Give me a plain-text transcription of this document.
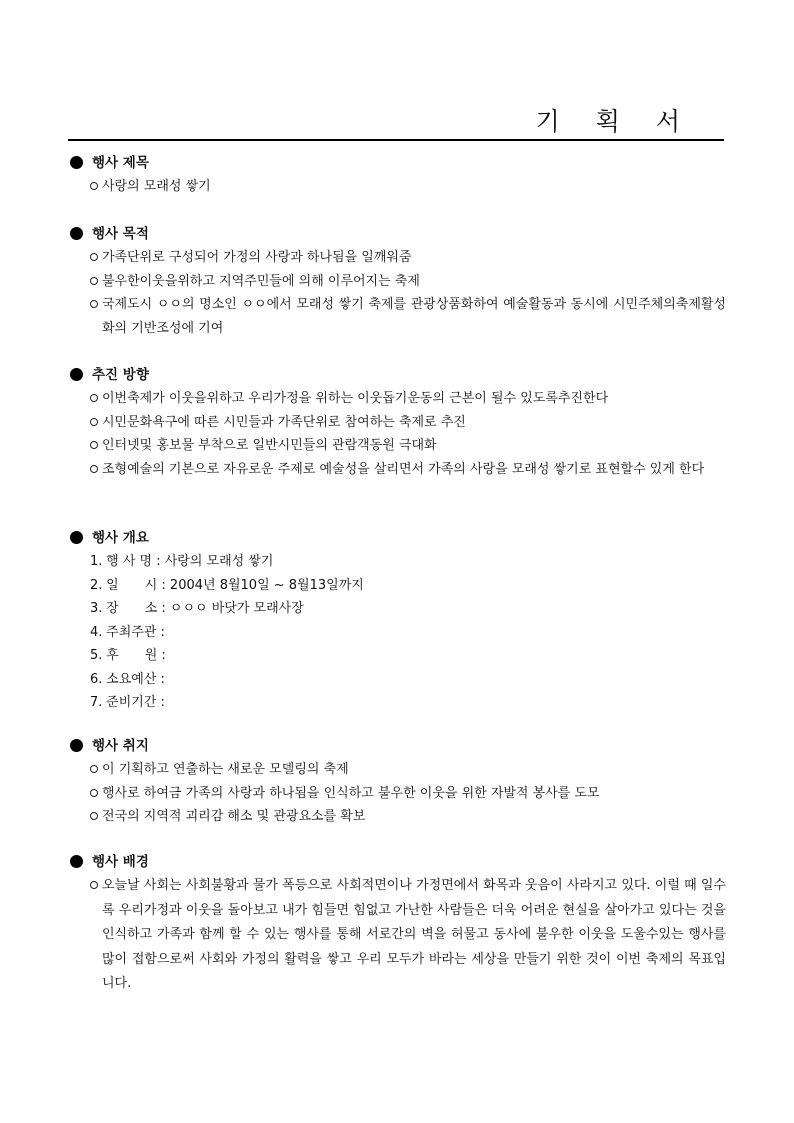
기 획 서
행사 제목
사랑의 모래성 쌓기
행사 목적
가족단위로 구성되어 가정의 사랑과 하나됨을 일깨워줌
불우한이웃을위하고 지역주민들에 의해 이루어지는 축제
국제도시 ㅇㅇ의 명소인 ㅇㅇ에서 모래성 쌓기 축제를 관광상품화하여 예술활동과 동시에 시민주체의축제활성화의 기반조성에 기여
추진 방향
이번축제가 이웃을위하고 우리가정을 위하는 이웃돕기운동의 근본이 될수 있도록추진한다
시민문화욕구에 따른 시민들과 가족단위로 참여하는 축제로 추진
인터넷및 홍보물 부착으로 일반시민들의 관람객동원 극대화
조형예술의 기본으로 자유로운 주제로 예술성을 살리면서 가족의 사랑을 모래성 쌓기로 표현할수 있게 한다
행사 개요
1. 행 사 명 : 사랑의 모래성 쌓기
2. 일　　시 : 2004년 8월10일 ~ 8월13일까지
3. 장　　소 : ㅇㅇㅇ 바닷가 모래사장
4. 주최주관 :
5. 후　　원 :
6. 소요예산 :
7. 준비기간 :
행사 취지
이 기획하고 연출하는 새로운 모델링의 축제
행사로 하여금 가족의 사랑과 하나됨을 인식하고 불우한 이웃을 위한 자발적 봉사를 도모
전국의 지역적 괴리감 해소 및 관광요소를 확보
행사 배경
오늘날 사회는 사회불황과 물가 폭등으로 사회적면이나 가정면에서 화목과 웃음이 사라지고 있다. 이럴 때 일수록 우리가정과 이웃을 돌아보고 내가 힘들면 힘없고 가난한 사람들은 더욱 어려운 현실을 살아가고 있다는 것을 인식하고 가족과 함께 할 수 있는 행사를 통해 서로간의 벽을 허물고 동사에 불우한 이웃을 도울수있는 행사를 많이 접함으로써 사회와 가정의 활력을 쌓고 우리 모두가 바라는 세상을 만들기 위한 것이 이번 축제의 목표입니다.
